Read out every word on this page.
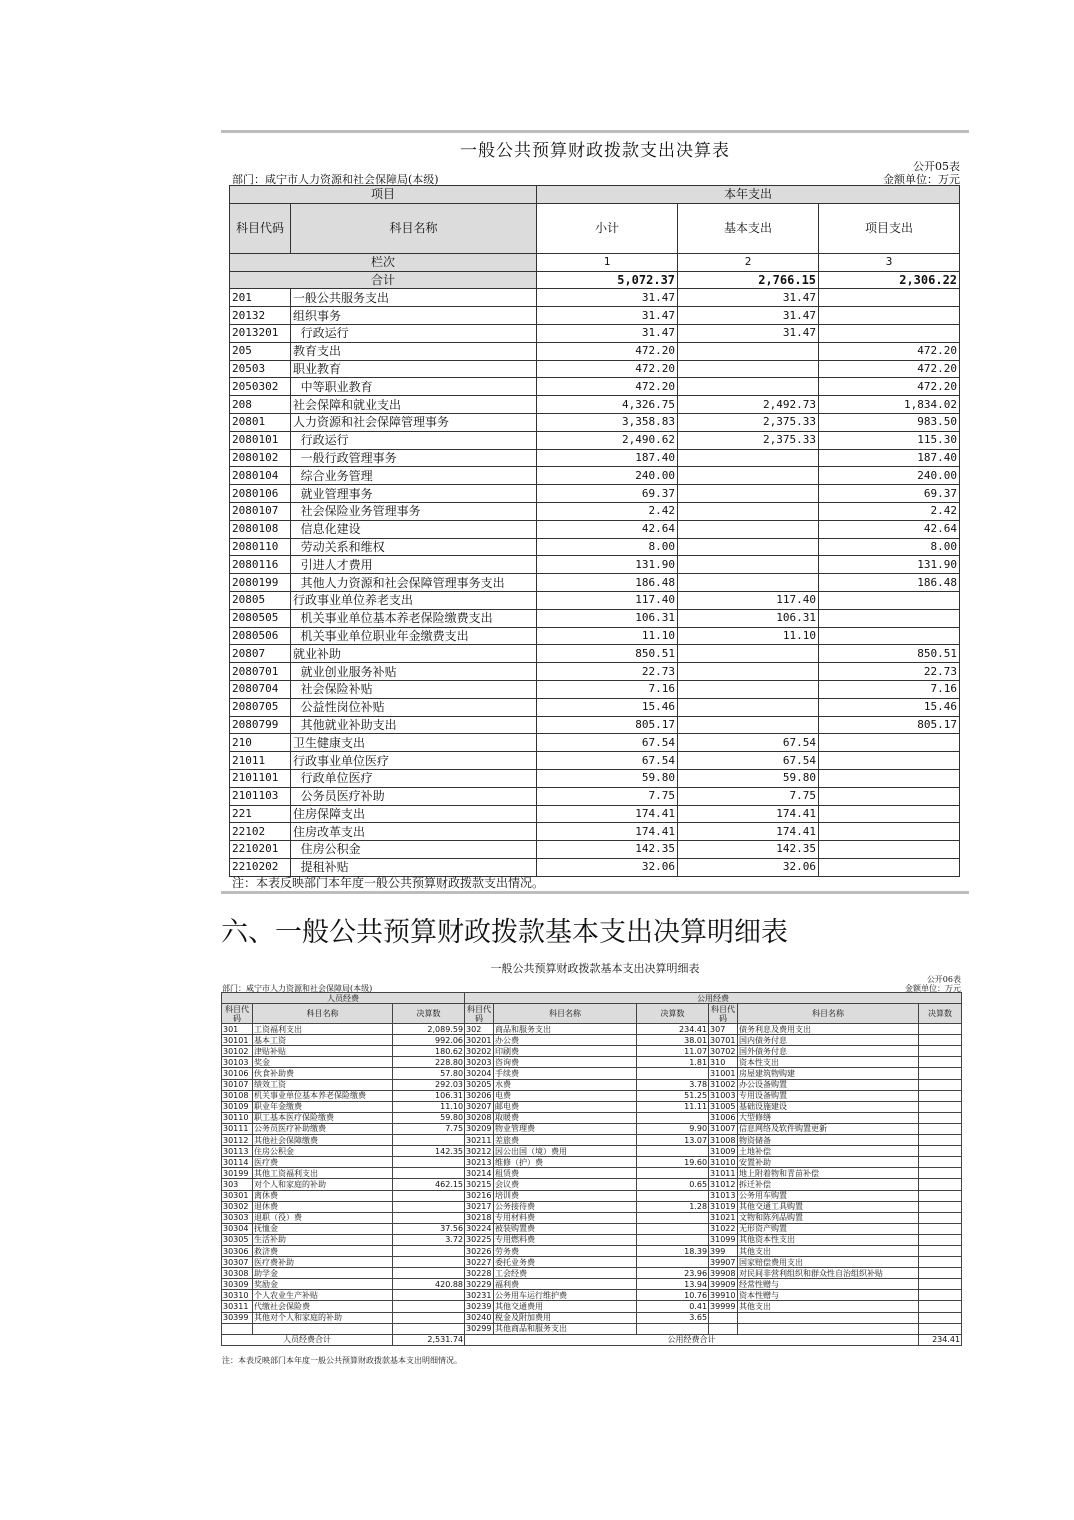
一般公共预算财政拨款支出决算表
公开05表
部门：咸宁市人力资源和社会保障局(本级)	金额单位：万元
项目		本年支出		
科目代码	科目名称	小计	基本支出	项目支出
栏次		1	2	3
合计		5,072.37	2,766.15	2,306.22
201	一般公共服务支出	31.47	31.47	
20132	组织事务	31.47	31.47	
2013201	行政运行	31.47	31.47	
205	教育支出	472.20		472.20
20503	职业教育	472.20		472.20
2050302	中等职业教育	472.20		472.20
208	社会保障和就业支出	4,326.75	2,492.73	1,834.02
20801	人力资源和社会保障管理事务	3,358.83	2,375.33	983.50
2080101	行政运行	2,490.62	2,375.33	115.30
2080102	一般行政管理事务	187.40		187.40
2080104	综合业务管理	240.00		240.00
2080106	就业管理事务	69.37		69.37
2080107	社会保险业务管理事务	2.42		2.42
2080108	信息化建设	42.64		42.64
2080110	劳动关系和维权	8.00		8.00
2080116	引进人才费用	131.90		131.90
2080199	其他人力资源和社会保障管理事务支出	186.48		186.48
20805	行政事业单位养老支出	117.40	117.40	
2080505	机关事业单位基本养老保险缴费支出	106.31	106.31	
2080506	机关事业单位职业年金缴费支出	11.10	11.10	
20807	就业补助	850.51		850.51
2080701	就业创业服务补贴	22.73		22.73
2080704	社会保险补贴	7.16		7.16
2080705	公益性岗位补贴	15.46		15.46
2080799	其他就业补助支出	805.17		805.17
210	卫生健康支出	67.54	67.54	
21011	行政事业单位医疗	67.54	67.54	
2101101	行政单位医疗	59.80	59.80	
2101103	公务员医疗补助	7.75	7.75	
221	住房保障支出	174.41	174.41	
22102	住房改革支出	174.41	174.41	
2210201	住房公积金	142.35	142.35	
2210202	提租补贴	32.06	32.06	
注：本表反映部门本年度一般公共预算财政拨款支出情况。
六、一般公共预算财政拨款基本支出决算明细表
一般公共预算财政拨款基本支出决算明细表
公开06表
部门：咸宁市人力资源和社会保障局(本级)	金额单位：万元
人员经费			公用经费					
科目代码	科目名称	决算数	科目代码	科目名称	决算数	科目代码	科目名称	决算数
301	工资福利支出	2,089.59	302	商品和服务支出	234.41	307	债务利息及费用支出	
30101	基本工资	992.06	30201	办公费	38.01	30701	国内债务付息	
30102	津贴补贴	180.62	30202	印刷费	11.07	30702	国外债务付息	
30103	奖金	228.80	30203	咨询费	1.81	310	资本性支出	
30106	伙食补助费	57.80	30204	手续费		31001	房屋建筑物购建	
30107	绩效工资	292.03	30205	水费	3.78	31002	办公设备购置	
30108	机关事业单位基本养老保险缴费	106.31	30206	电费	51.25	31003	专用设备购置	
30109	职业年金缴费	11.10	30207	邮电费	11.11	31005	基础设施建设	
30110	职工基本医疗保险缴费	59.80	30208	取暖费		31006	大型修缮	
30111	公务员医疗补助缴费	7.75	30209	物业管理费	9.90	31007	信息网络及软件购置更新	
30112	其他社会保障缴费		30211	差旅费	13.07	31008	物资储备	
30113	住房公积金	142.35	30212	因公出国（境）费用		31009	土地补偿	
30114	医疗费		30213	维修（护）费	19.60	31010	安置补助	
30199	其他工资福利支出		30214	租赁费		31011	地上附着物和青苗补偿	
303	对个人和家庭的补助	462.15	30215	会议费	0.65	31012	拆迁补偿	
30301	离休费		30216	培训费		31013	公务用车购置	
30302	退休费		30217	公务接待费	1.28	31019	其他交通工具购置	
30303	退职（役）费		30218	专用材料费		31021	文物和陈列品购置	
30304	抚恤金	37.56	30224	被装购置费		31022	无形资产购置	
30305	生活补助	3.72	30225	专用燃料费		31099	其他资本性支出	
30306	救济费		30226	劳务费	18.39	399	其他支出	
30307	医疗费补助		30227	委托业务费		39907	国家赔偿费用支出	
30308	助学金		30228	工会经费	23.96	39908	对民间非营利组织和群众性自治组织补贴	
30309	奖励金	420.88	30229	福利费	13.94	39909	经常性赠与	
30310	个人农业生产补贴		30231	公务用车运行维护费	10.76	39910	资本性赠与	
30311	代缴社会保险费		30239	其他交通费用	0.41	39999	其他支出	
30399	其他对个人和家庭的补助		30240	税金及附加费用	3.65			
			30299	其他商品和服务支出				
人员经费合计		2,531.74	公用经费合计					234.41
注：本表反映部门本年度一般公共预算财政拨款基本支出明细情况。
